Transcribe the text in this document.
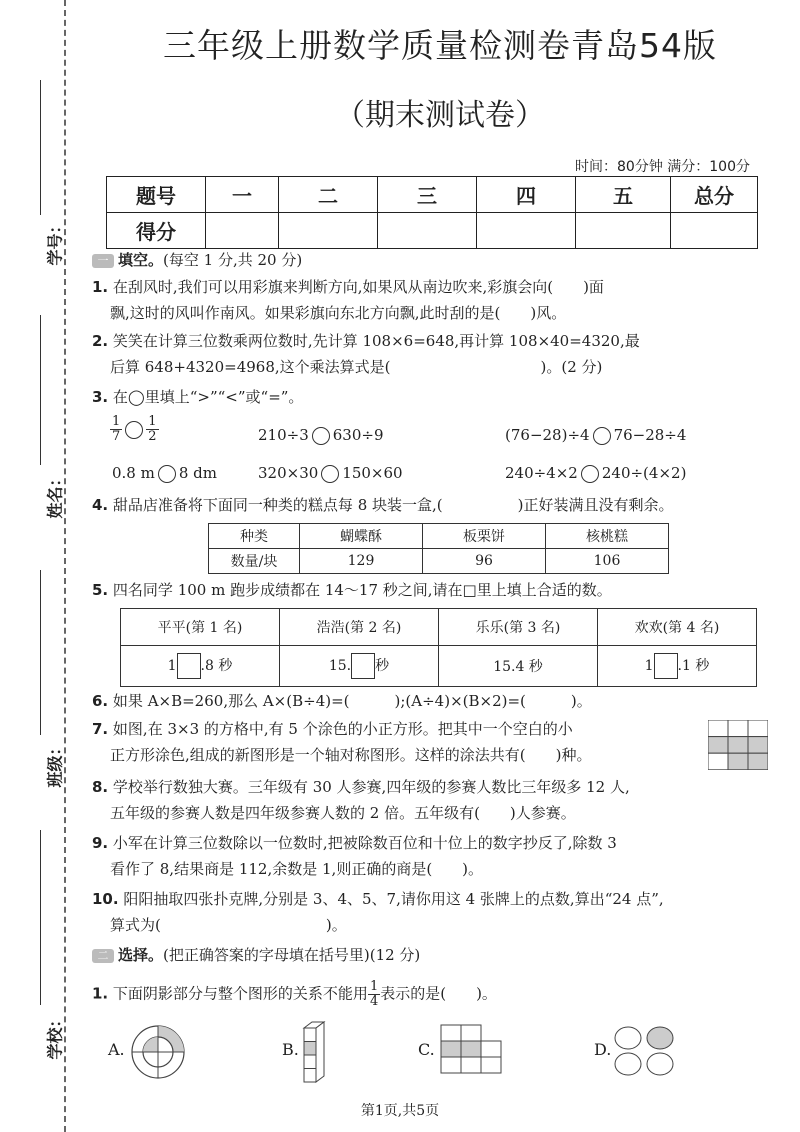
学号：
姓名：
班级：
学校：
三年级上册数学质量检测卷青岛54版
（期末测试卷）
时间：80分钟 满分：100分
题号	一	二	三	四	五	总分
得分						
一 填空。(每空 1 分,共 20 分)
1. 在刮风时,我们可以用彩旗来判断方向,如果风从南边吹来,彩旗会向(　　)面
飘,这时的风叫作南风。如果彩旗向东北方向飘,此时刮的是(　　)风。
2. 笑笑在计算三位数乘两位数时,先计算 108×6=648,再计算 108×40=4320,最
后算 648+4320=4968,这个乘法算式是(　　　　　　　　　　)。(2 分)
3. 在◯里填上“>”“<”或“=”。
$\frac{1}{7} \frac{1}{2}$	210÷3 630÷9	(76−28)÷4 76−28÷4
0.8 m 8 dm	320×30 150×60	240÷4×2 240÷(4×2)
4. 甜品店准备将下面同一种类的糕点每 8 块装一盒,(　　　　　)正好装满且没有剩余。
种类	蝴蝶酥	板栗饼	核桃糕
数量/块	129	96	106
5. 四名同学 100 m 跑步成绩都在 14～17 秒之间,请在□里上填上合适的数。
平平(第 1 名)	浩浩(第 2 名)	乐乐(第 3 名)	欢欢(第 4 名)
1 .8 秒	15. 秒	15.4 秒	1 .1 秒
6. 如果 A×B=260,那么 A×(B÷4)=(　　　);(A÷4)×(B×2)=(　　　)。
7. 如图,在 3×3 的方格中,有 5 个涂色的小正方形。把其中一个空白的小
正方形涂色,组成的新图形是一个轴对称图形。这样的涂法共有(　　)种。
8. 学校举行数独大赛。三年级有 30 人参赛,四年级的参赛人数比三年级多 12 人,
五年级的参赛人数是四年级参赛人数的 2 倍。五年级有(　　)人参赛。
9. 小军在计算三位数除以一位数时,把被除数百位和十位上的数字抄反了,除数 3
看作了 8,结果商是 112,余数是 1,则正确的商是(　　)。
10. 阳阳抽取四张扑克牌,分别是 3、4、5、7,请你用这 4 张牌上的点数,算出“24 点”,
算式为(　　　　　　　　　　　)。
二 选择。(把正确答案的字母填在括号里)(12 分)
1. 下面阴影部分与整个图形的关系不能用 $\frac{1}{4}$ 表示的是(　　)。
A.	B.	C.	D.
第1页,共5页
